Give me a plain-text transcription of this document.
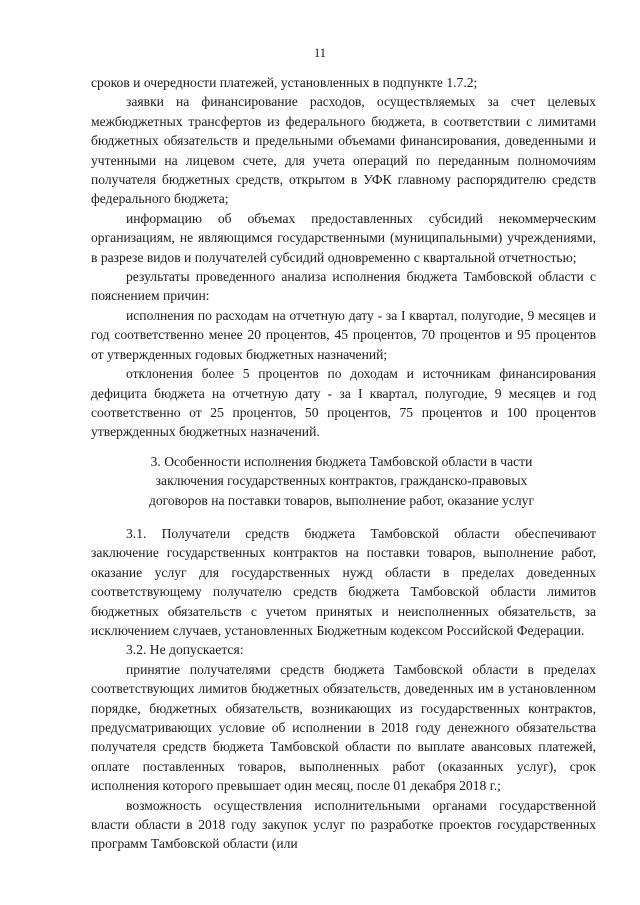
11

сроков и очередности платежей, установленных в подпункте 1.7.2;

заявки на финансирование расходов, осуществляемых за счет целевых межбюджетных трансфертов из федерального бюджета, в соответствии с лимитами бюджетных обязательств и предельными объемами финансирования, доведенными и учтенными на лицевом счете, для учета операций по переданным полномочиям получателя бюджетных средств, открытом в УФК главному распорядителю средств федерального бюджета;

информацию об объемах предоставленных субсидий некоммерческим организациям, не являющимся государственными (муниципальными) учреждениями, в разрезе видов и получателей субсидий одновременно с квартальной отчетностью;

результаты проведенного анализа исполнения бюджета Тамбовской области с пояснением причин:

исполнения по расходам на отчетную дату - за I квартал, полугодие, 9 месяцев и год соответственно менее 20 процентов, 45 процентов, 70 процентов и 95 процентов от утвержденных годовых бюджетных назначений;

отклонения более 5 процентов по доходам и источникам финансирования дефицита бюджета на отчетную дату - за I квартал, полугодие, 9 месяцев и год соответственно от 25 процентов, 50 процентов, 75 процентов и 100 процентов утвержденных бюджетных назначений.

3. Особенности исполнения бюджета Тамбовской области в части
заключения государственных контрактов, гражданско-правовых
договоров на поставки товаров, выполнение работ, оказание услуг

3.1. Получатели средств бюджета Тамбовской области обеспечивают заключение государственных контрактов на поставки товаров, выполнение работ, оказание услуг для государственных нужд области в пределах доведенных соответствующему получателю средств бюджета Тамбовской области лимитов бюджетных обязательств с учетом принятых и неисполненных обязательств, за исключением случаев, установленных Бюджетным кодексом Российской Федерации.

3.2. Не допускается:

принятие получателями средств бюджета Тамбовской области в пределах соответствующих лимитов бюджетных обязательств, доведенных им в установленном порядке, бюджетных обязательств, возникающих из государственных контрактов, предусматривающих условие об исполнении в 2018 году денежного обязательства получателя средств бюджета Тамбовской области по выплате авансовых платежей, оплате поставленных товаров, выполненных работ (оказанных услуг), срок исполнения которого превышает один месяц, после 01 декабря 2018 г.;

возможность осуществления исполнительными органами государственной власти области в 2018 году закупок услуг по разработке проектов государственных программ Тамбовской области (или
